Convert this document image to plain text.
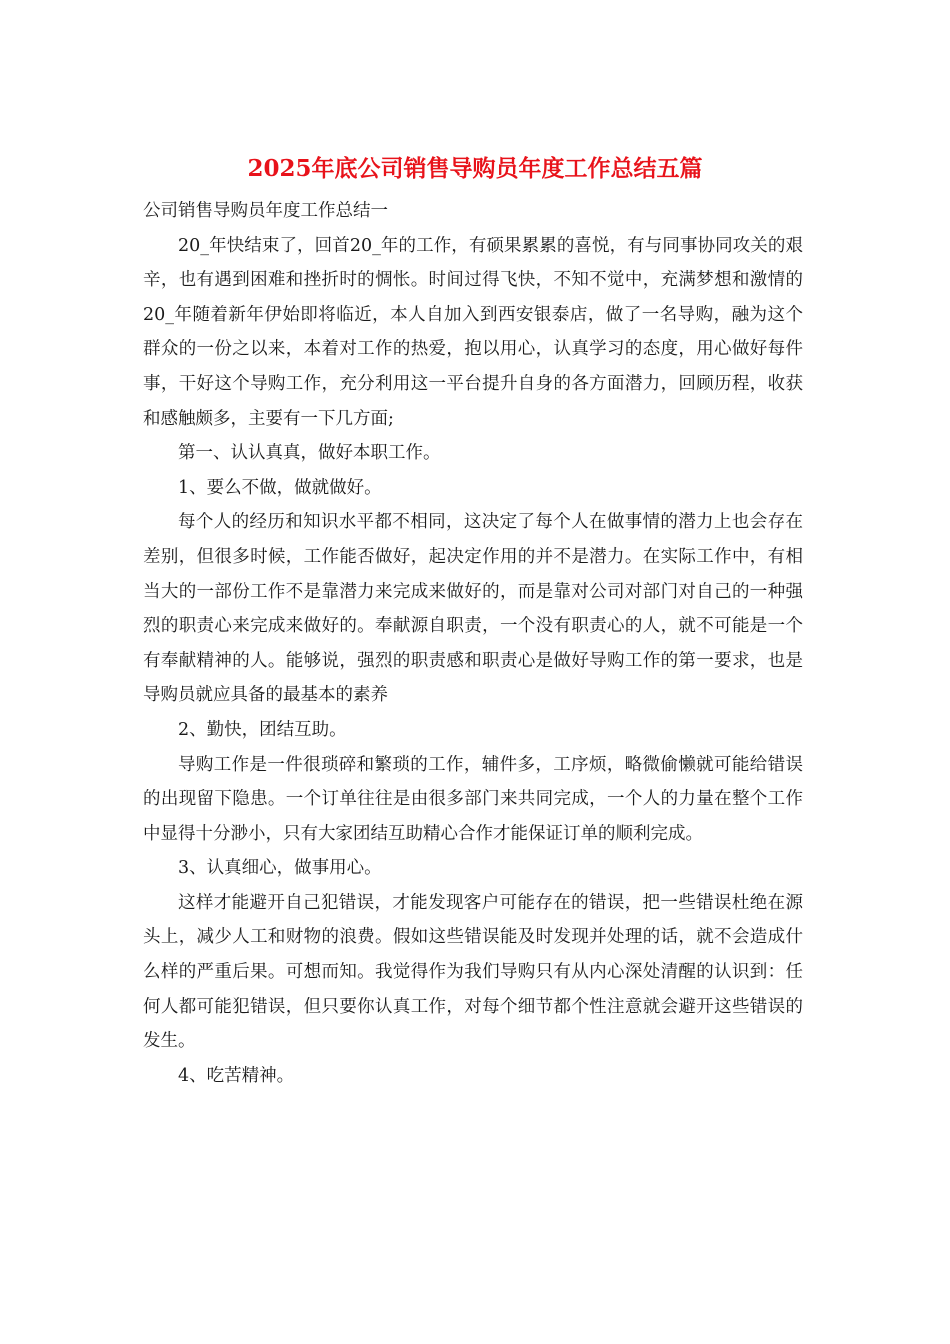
2025年底公司销售导购员年度工作总结五篇

公司销售导购员年度工作总结一

20_年快结束了，回首20_年的工作，有硕果累累的喜悦，有与同事协同攻关的艰辛，也有遇到困难和挫折时的惆怅。时间过得飞快，不知不觉中，充满梦想和激情的20_年随着新年伊始即将临近，本人自加入到西安银泰店，做了一名导购，融为这个群众的一份之以来，本着对工作的热爱，抱以用心，认真学习的态度，用心做好每件事，干好这个导购工作，充分利用这一平台提升自身的各方面潜力，回顾历程，收获和感触颇多，主要有一下几方面;

第一、认认真真，做好本职工作。

1、要么不做，做就做好。

每个人的经历和知识水平都不相同，这决定了每个人在做事情的潜力上也会存在差别，但很多时候，工作能否做好，起决定作用的并不是潜力。在实际工作中，有相当大的一部份工作不是靠潜力来完成来做好的，而是靠对公司对部门对自己的一种强烈的职责心来完成来做好的。奉献源自职责，一个没有职责心的人，就不可能是一个有奉献精神的人。能够说，强烈的职责感和职责心是做好导购工作的第一要求，也是导购员就应具备的最基本的素养

2、勤快，团结互助。

导购工作是一件很琐碎和繁琐的工作，辅件多，工序烦，略微偷懒就可能给错误的出现留下隐患。一个订单往往是由很多部门来共同完成，一个人的力量在整个工作中显得十分渺小，只有大家团结互助精心合作才能保证订单的顺利完成。

3、认真细心，做事用心。

这样才能避开自己犯错误，才能发现客户可能存在的错误，把一些错误杜绝在源头上，减少人工和财物的浪费。假如这些错误能及时发现并处理的话，就不会造成什么样的严重后果。可想而知。我觉得作为我们导购只有从内心深处清醒的认识到：任何人都可能犯错误，但只要你认真工作，对每个细节都个性注意就会避开这些错误的发生。

4、吃苦精神。
